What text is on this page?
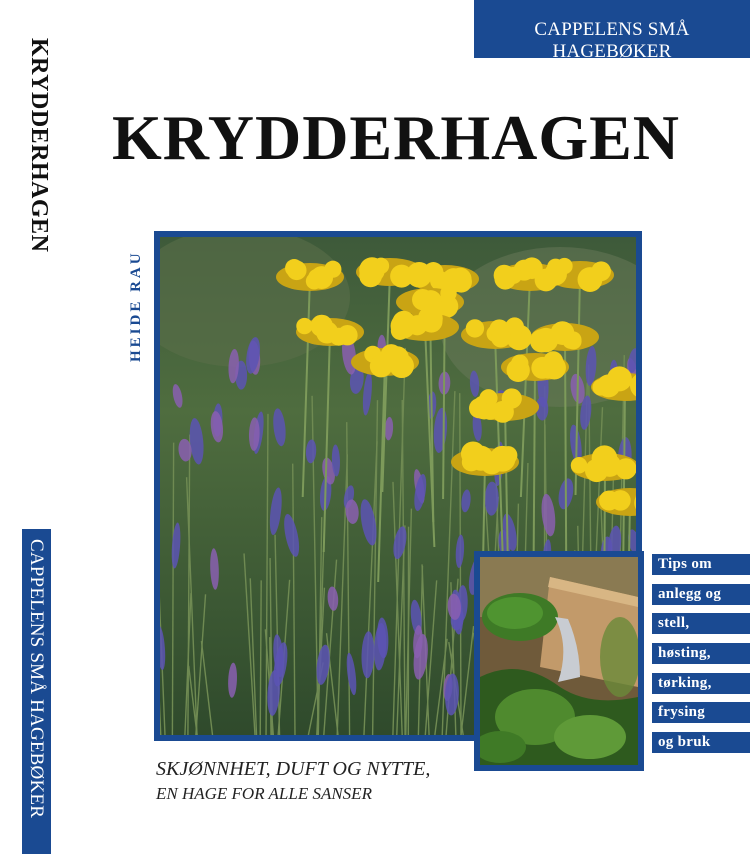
KRYDDERHAGEN
CAPPELENS SMÅ HAGEBØKER
CAPPELENS SMÅ HAGEBØKER
KRYDDERHAGEN
HEIDE RAU
Tips om
anlegg og
stell,
høsting,
tørking,
frysing
og bruk
SKJØNNHET, DUFT OG NYTTE,
EN HAGE FOR ALLE SANSER
